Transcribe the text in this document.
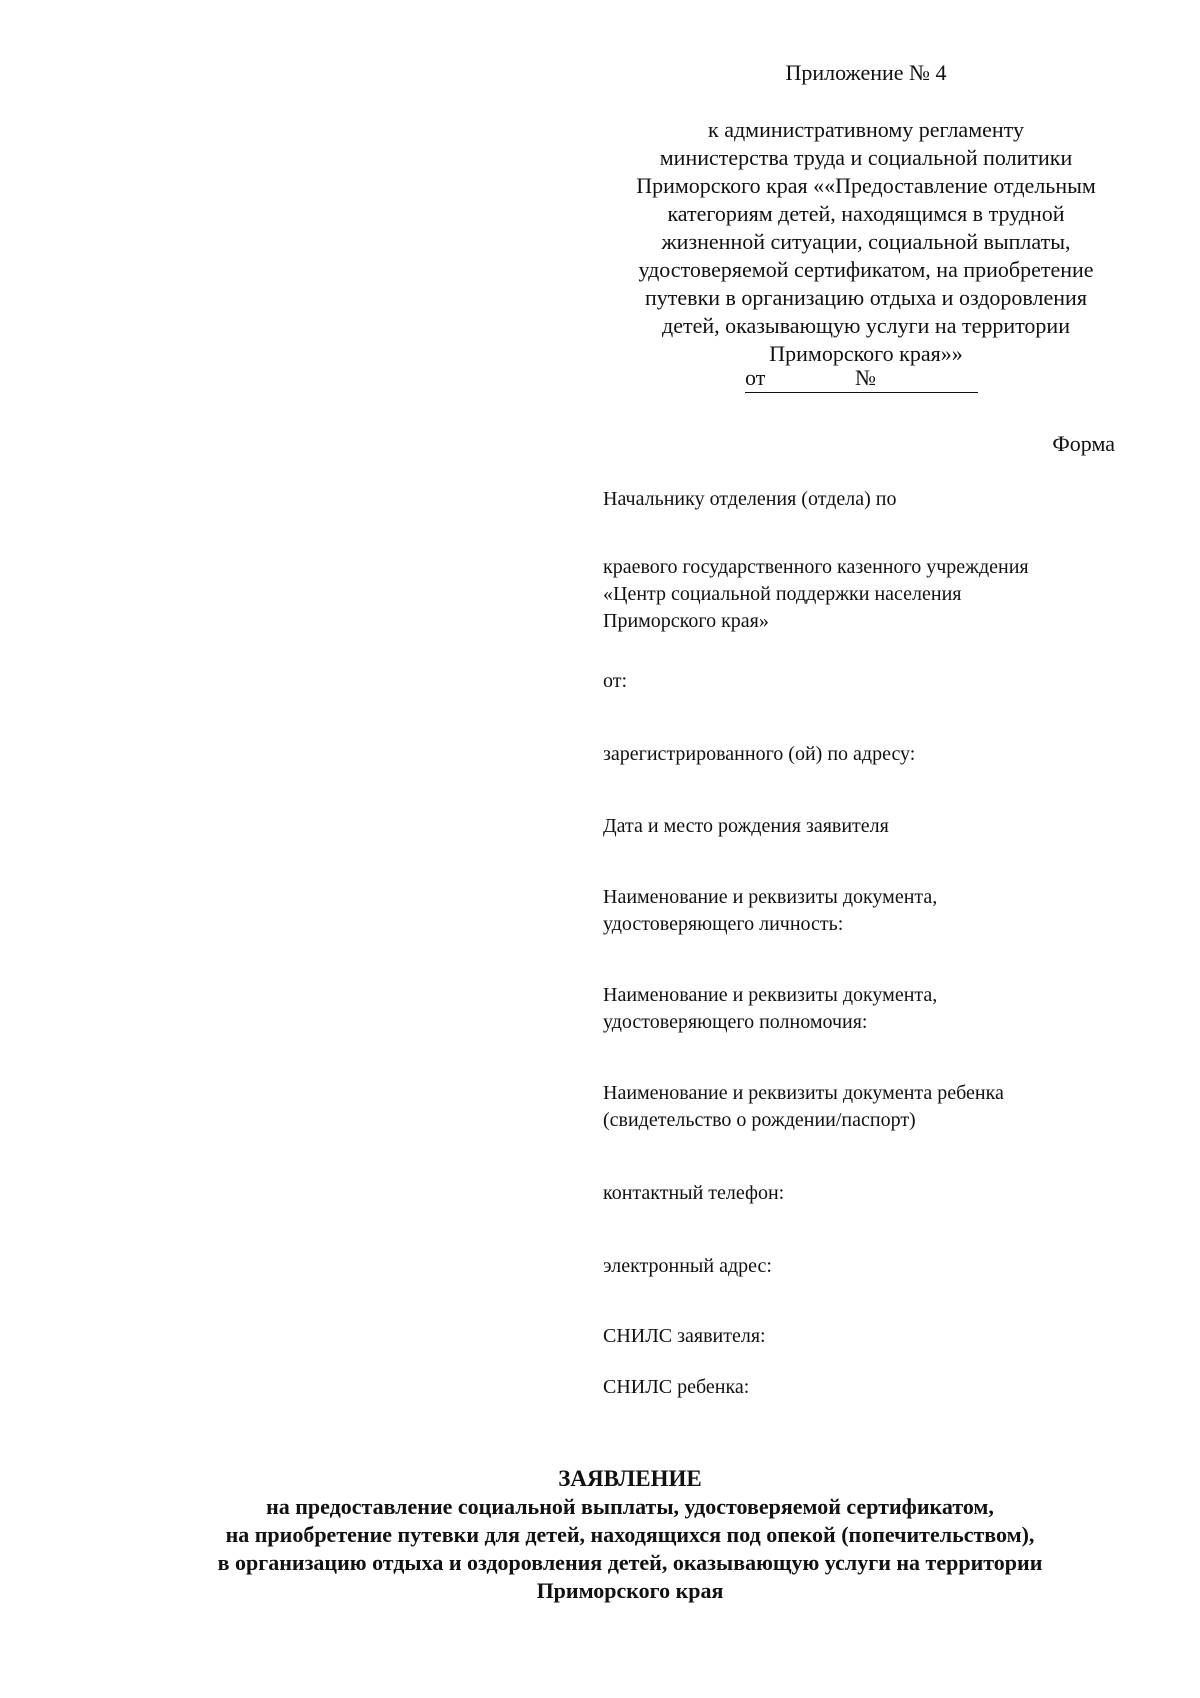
Приложение № 4
к административному регламенту
министерства труда и социальной политики
Приморского края ««Предоставление отдельным
категориям детей, находящимся в трудной
жизненной ситуации, социальной выплаты,
удостоверяемой сертификатом, на приобретение
путевки в организацию отдыха и оздоровления
детей, оказывающую услуги на территории
Приморского края»»
от	№
Форма
Начальнику отделения (отдела) по
краевого государственного казенного учреждения
«Центр социальной поддержки населения
Приморского края»
от:
зарегистрированного (ой) по адресу:
Дата и место рождения заявителя
Наименование и реквизиты документа,
удостоверяющего личность:
Наименование и реквизиты документа,
удостоверяющего полномочия:
Наименование и реквизиты документа ребенка
(свидетельство о рождении/паспорт)
контактный телефон:
электронный адрес:
СНИЛС заявителя:
СНИЛС ребенка:
ЗАЯВЛЕНИЕ
на предоставление социальной выплаты, удостоверяемой сертификатом,
на приобретение путевки для детей, находящихся под опекой (попечительством),
в организацию отдыха и оздоровления детей, оказывающую услуги на территории
Приморского края
